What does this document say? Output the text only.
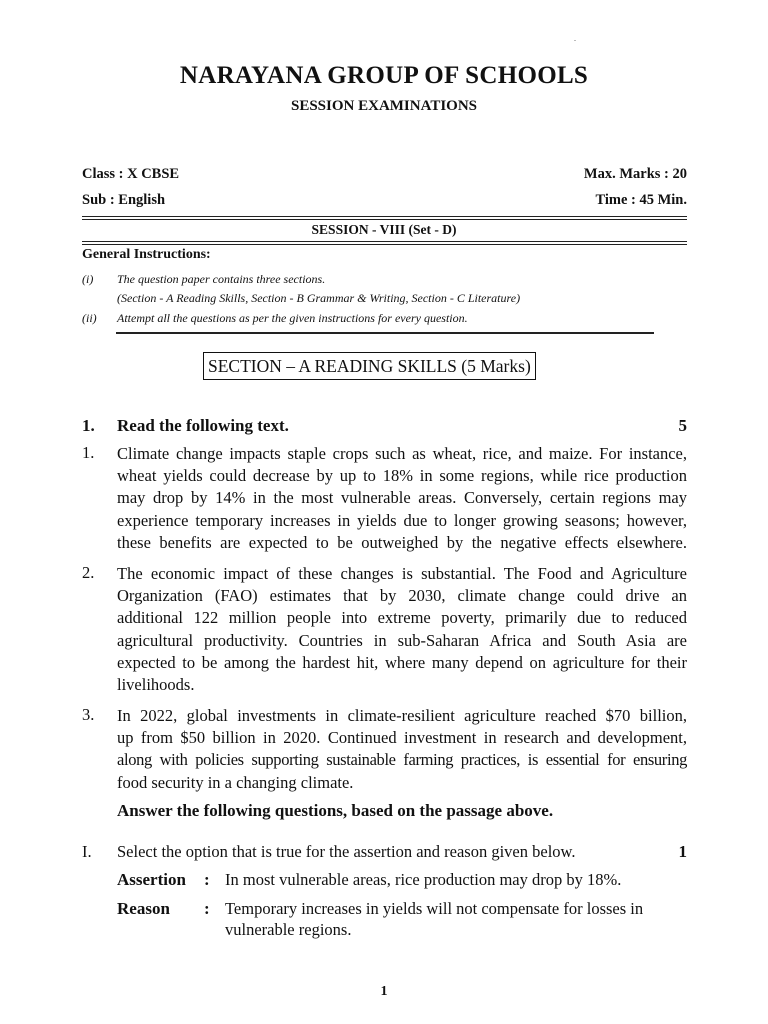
NARAYANA GROUP OF SCHOOLS
SESSION EXAMINATIONS
Class : X CBSE	Max. Marks : 20
Sub : English	Time : 45 Min.
SESSION - VIII (Set - D)
General Instructions:
(i) The question paper contains three sections.
(Section - A Reading Skills, Section - B Grammar & Writing, Section - C Literature)
(ii) Attempt all the questions as per the given instructions for every question.
SECTION – A READING SKILLS (5 Marks)
1. Read the following text.	5
1. Climate change impacts staple crops such as wheat, rice, and maize. For instance,
wheat yields could decrease by up to 18% in some regions, while rice production
may drop by 14% in the most vulnerable areas. Conversely, certain regions may
experience temporary increases in yields due to longer growing seasons; however,
these benefits are expected to be outweighed by the negative effects elsewhere.
2. The economic impact of these changes is substantial. The Food and Agriculture
Organization (FAO) estimates that by 2030, climate change could drive an
additional 122 million people into extreme poverty, primarily due to reduced
agricultural productivity. Countries in sub-Saharan Africa and South Asia are
expected to be among the hardest hit, where many depend on agriculture for their
livelihoods.
3. In 2022, global investments in climate-resilient agriculture reached $70 billion,
up from $50 billion in 2020. Continued investment in research and development,
along with policies supporting sustainable farming practices, is essential for ensuring
food security in a changing climate.
Answer the following questions, based on the passage above.
I. Select the option that is true for the assertion and reason given below.	1
Assertion : In most vulnerable areas, rice production may drop by 18%.
Reason : Temporary increases in yields will not compensate for losses in
vulnerable regions.
1
